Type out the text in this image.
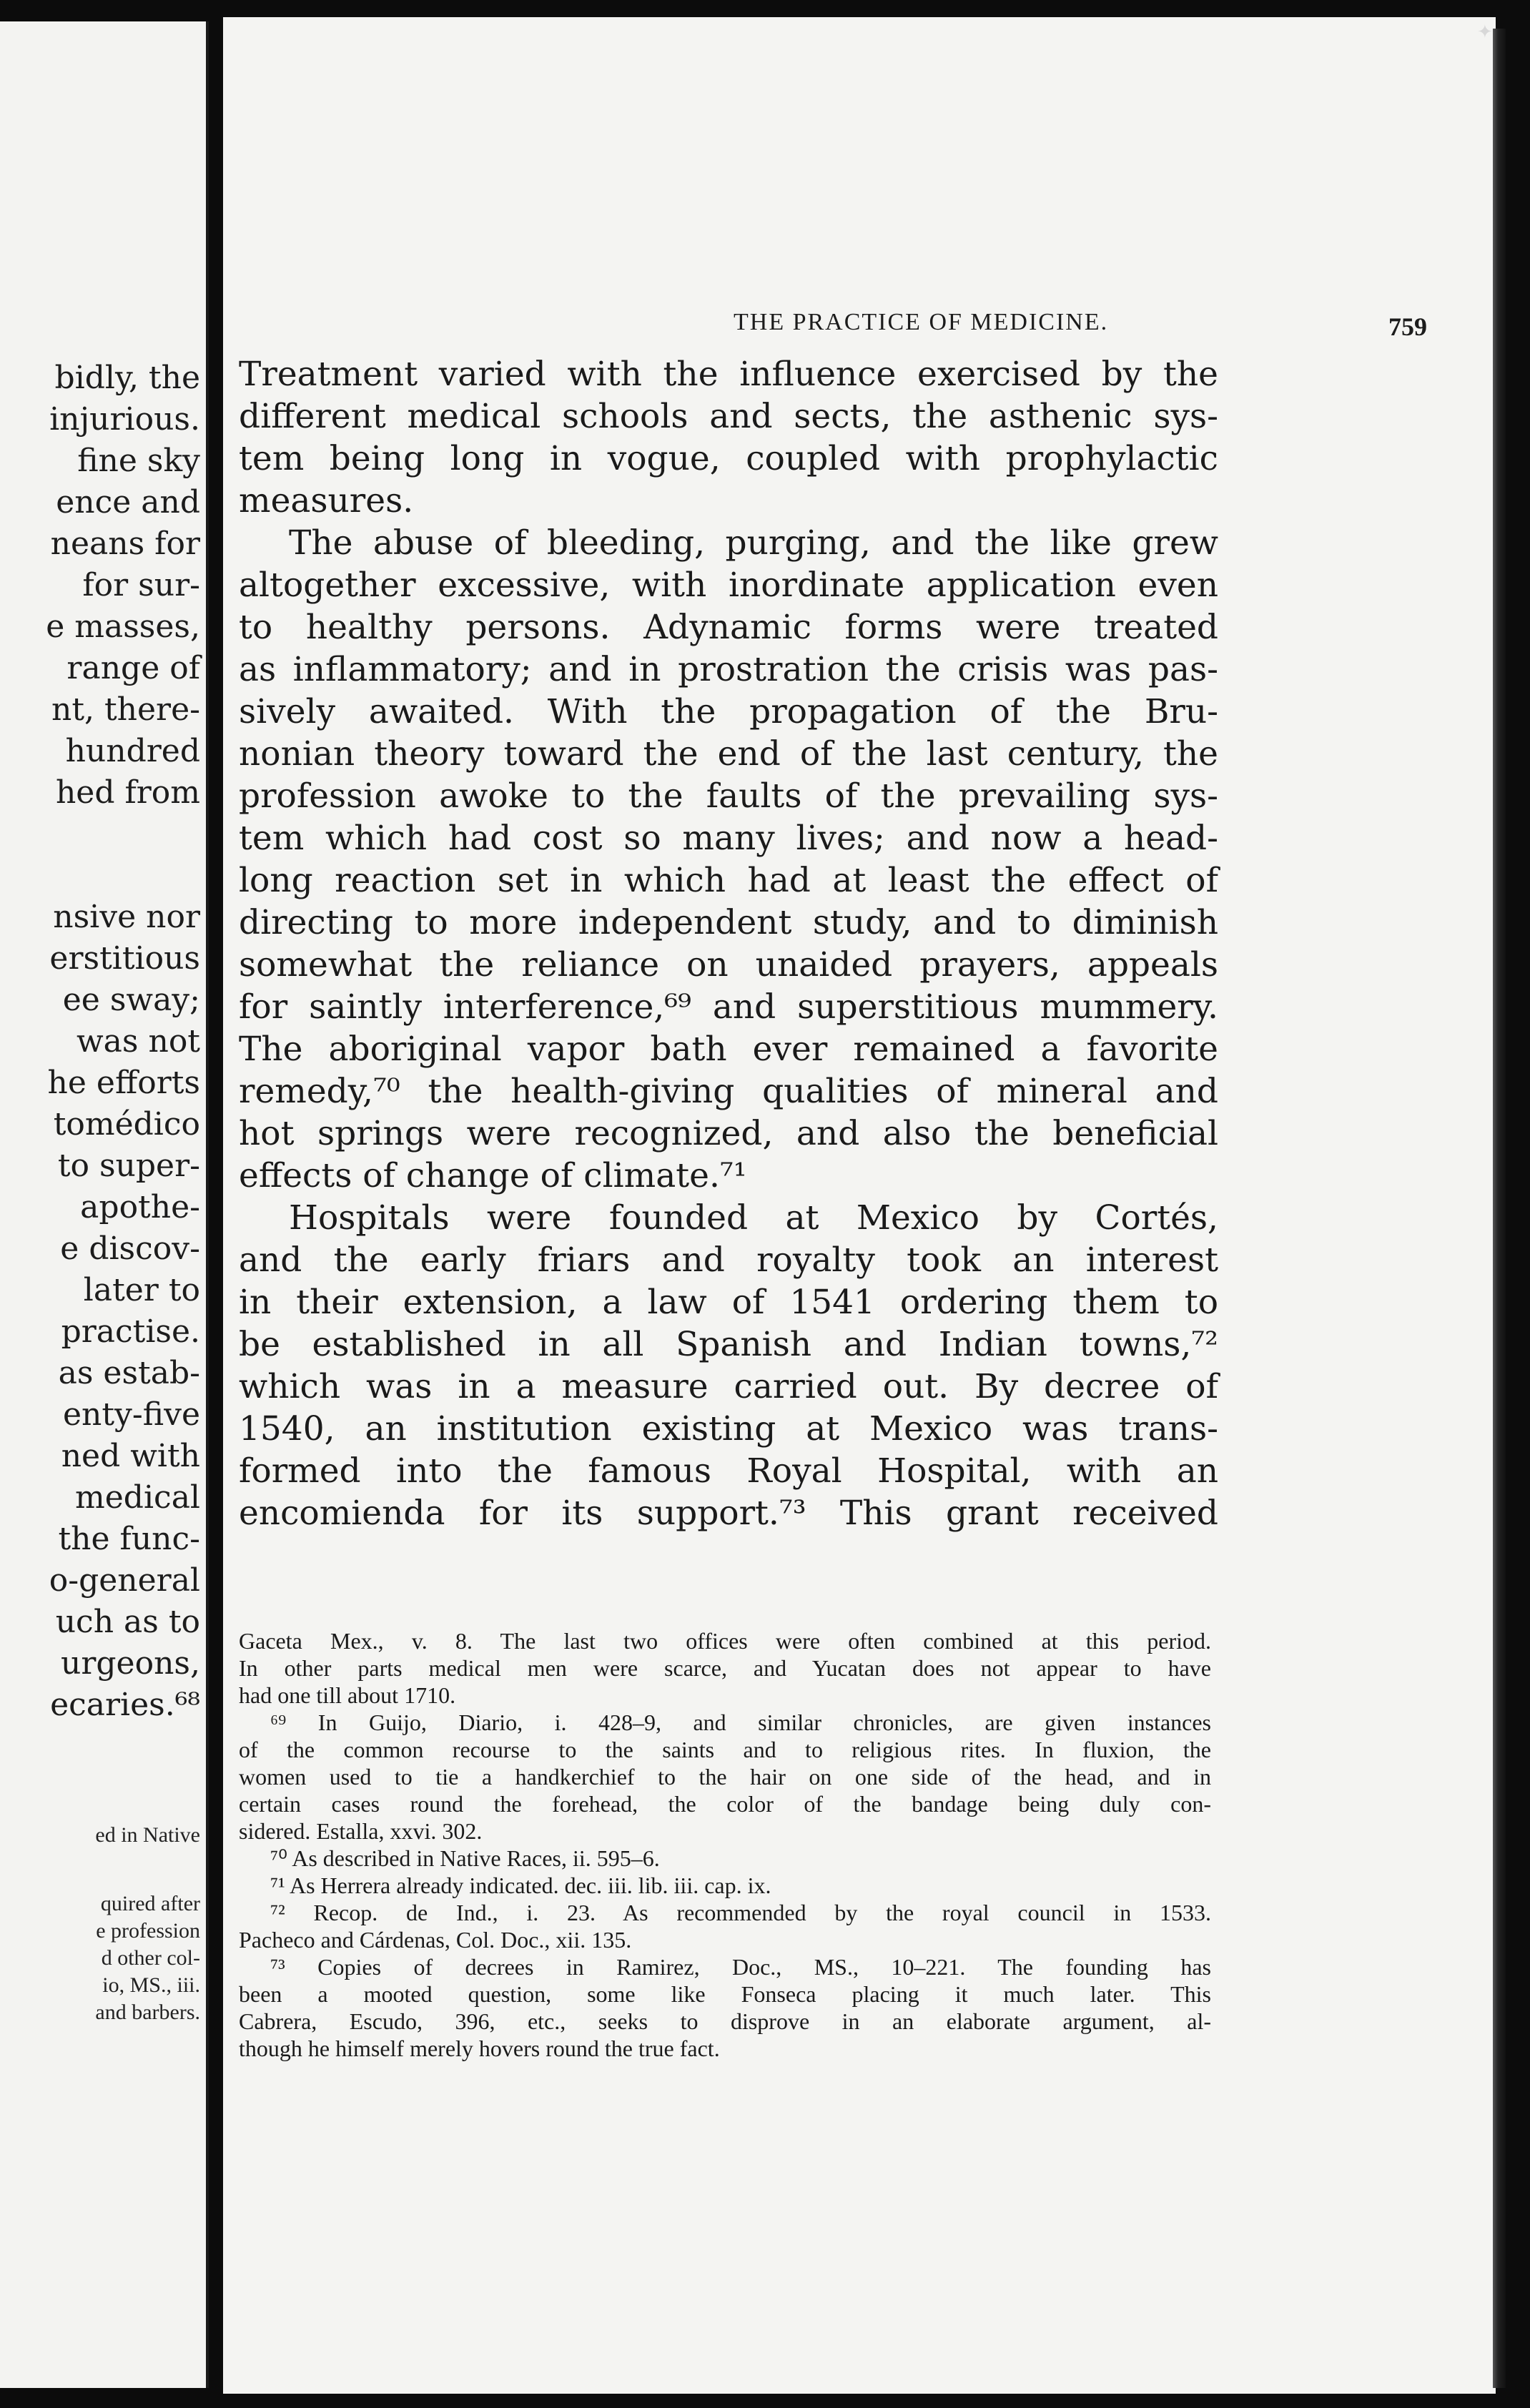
bidly, the
injurious.
fine sky
ence and
neans for
for sur-
e masses,
range of
nt, there-
hundred
hed from
nsive nor
erstitious
ee sway;
was not
he efforts
tomédico
to super-
apothe-
e discov-
later to
practise.
as estab-
enty-five
ned with
medical
the func-
o-general
uch as to
urgeons,
ecaries.⁶⁸
ed in Native
quired after
e profession
d other col-
io, MS., iii.
and barbers.
✦
THE PRACTICE OF MEDICINE.	759
Treatment varied with the influence exercised by the
different medical schools and sects, the asthenic sys-
tem being long in vogue, coupled with prophylactic
measures.
The abuse of bleeding, purging, and the like grew
altogether excessive, with inordinate application even
to healthy persons. Adynamic forms were treated
as inflammatory; and in prostration the crisis was pas-
sively awaited. With the propagation of the Bru-
nonian theory toward the end of the last century, the
profession awoke to the faults of the prevailing sys-
tem which had cost so many lives; and now a head-
long reaction set in which had at least the effect of
directing to more independent study, and to diminish
somewhat the reliance on unaided prayers, appeals
for saintly interference,⁶⁹ and superstitious mummery.
The aboriginal vapor bath ever remained a favorite
remedy,⁷⁰ the health-giving qualities of mineral and
hot springs were recognized, and also the beneficial
effects of change of climate.⁷¹
Hospitals were founded at Mexico by Cortés,
and the early friars and royalty took an interest
in their extension, a law of 1541 ordering them to
be established in all Spanish and Indian towns,⁷²
which was in a measure carried out. By decree of
1540, an institution existing at Mexico was trans-
formed into the famous Royal Hospital, with an
encomienda for its support.⁷³ This grant received
Gaceta Mex., v. 8. The last two offices were often combined at this period.
In other parts medical men were scarce, and Yucatan does not appear to have
had one till about 1710.
⁶⁹ In Guijo, Diario, i. 428–9, and similar chronicles, are given instances
of the common recourse to the saints and to religious rites. In fluxion, the
women used to tie a handkerchief to the hair on one side of the head, and in
certain cases round the forehead, the color of the bandage being duly con-
sidered. Estalla, xxvi. 302.
⁷⁰ As described in Native Races, ii. 595–6.
⁷¹ As Herrera already indicated. dec. iii. lib. iii. cap. ix.
⁷² Recop. de Ind., i. 23. As recommended by the royal council in 1533.
Pacheco and Cárdenas, Col. Doc., xii. 135.
⁷³ Copies of decrees in Ramirez, Doc., MS., 10–221. The founding has
been a mooted question, some like Fonseca placing it much later. This
Cabrera, Escudo, 396, etc., seeks to disprove in an elaborate argument, al-
though he himself merely hovers round the true fact.
